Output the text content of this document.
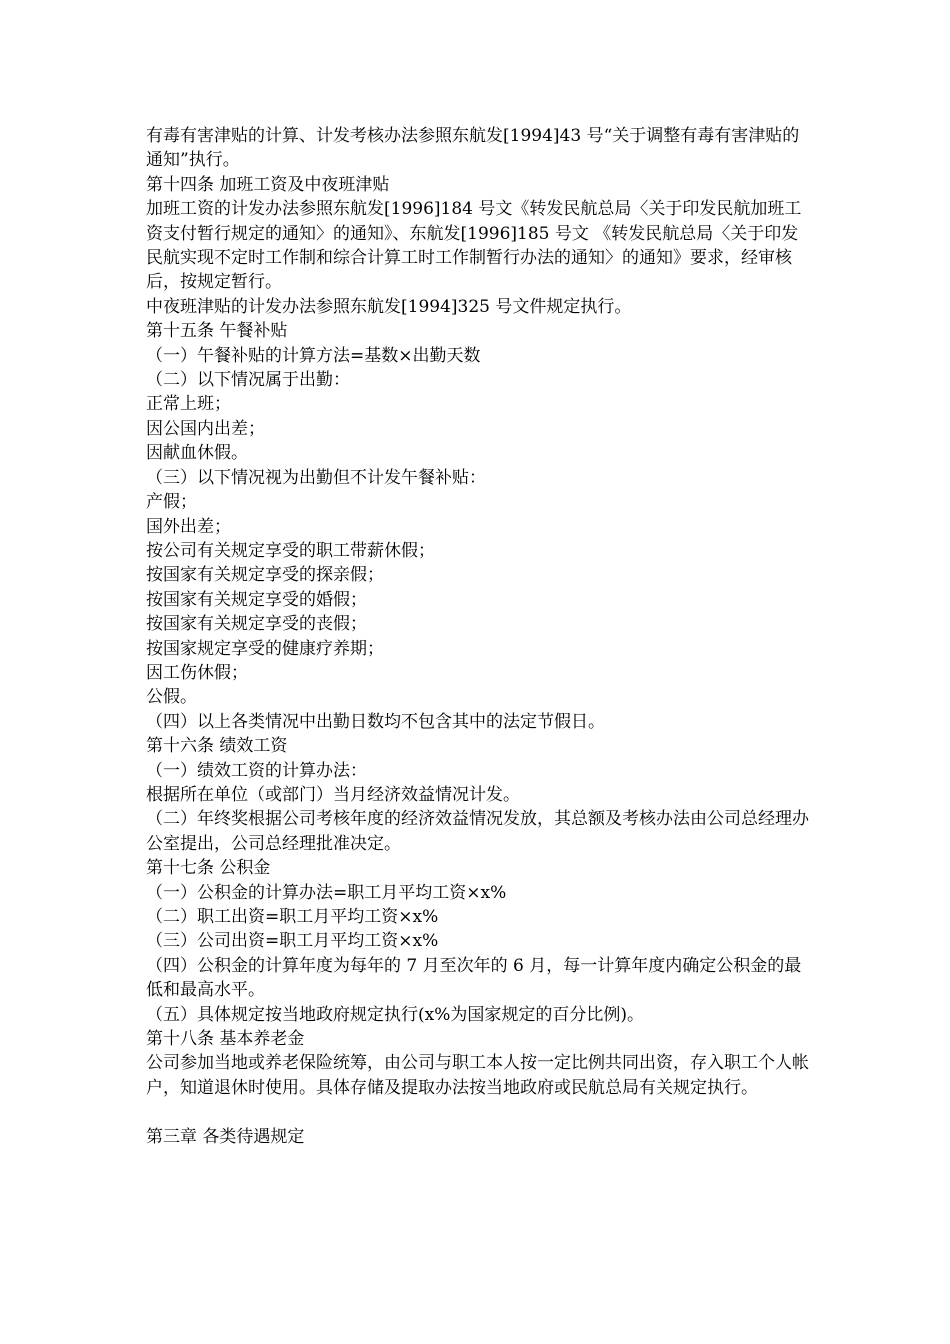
有毒有害津贴的计算、计发考核办法参照东航发[1994]43 号“关于调整有毒有害津贴的通知”执行。

第十四条 加班工资及中夜班津贴

加班工资的计发办法参照东航发[1996]184 号文《转发民航总局〈关于印发民航加班工资支付暂行规定的通知〉的通知》、东航发[1996]185 号文 《转发民航总局〈关于印发民航实现不定时工作制和综合计算工时工作制暂行办法的通知〉的通知》要求，经审核后，按规定暂行。

中夜班津贴的计发办法参照东航发[1994]325 号文件规定执行。

第十五条 午餐补贴

（一）午餐补贴的计算方法=基数×出勤天数

（二）以下情况属于出勤：

正常上班；

因公国内出差；

因献血休假。

（三）以下情况视为出勤但不计发午餐补贴：

产假；

国外出差；

按公司有关规定享受的职工带薪休假；

按国家有关规定享受的探亲假；

按国家有关规定享受的婚假；

按国家有关规定享受的丧假；

按国家规定享受的健康疗养期；

因工伤休假；

公假。

（四）以上各类情况中出勤日数均不包含其中的法定节假日。

第十六条 绩效工资

（一）绩效工资的计算办法：

根据所在单位（或部门）当月经济效益情况计发。

（二）年终奖根据公司考核年度的经济效益情况发放，其总额及考核办法由公司总经理办公室提出，公司总经理批准决定。

第十七条 公积金

（一）公积金的计算办法=职工月平均工资×x%

（二）职工出资=职工月平均工资×x%

（三）公司出资=职工月平均工资×x%

（四）公积金的计算年度为每年的 7 月至次年的 6 月，每一计算年度内确定公积金的最低和最高水平。

（五）具体规定按当地政府规定执行(x%为国家规定的百分比例)。

第十八条 基本养老金

公司参加当地或养老保险统筹，由公司与职工本人按一定比例共同出资，存入职工个人帐户，知道退休时使用。具体存储及提取办法按当地政府或民航总局有关规定执行。

第三章 各类待遇规定
